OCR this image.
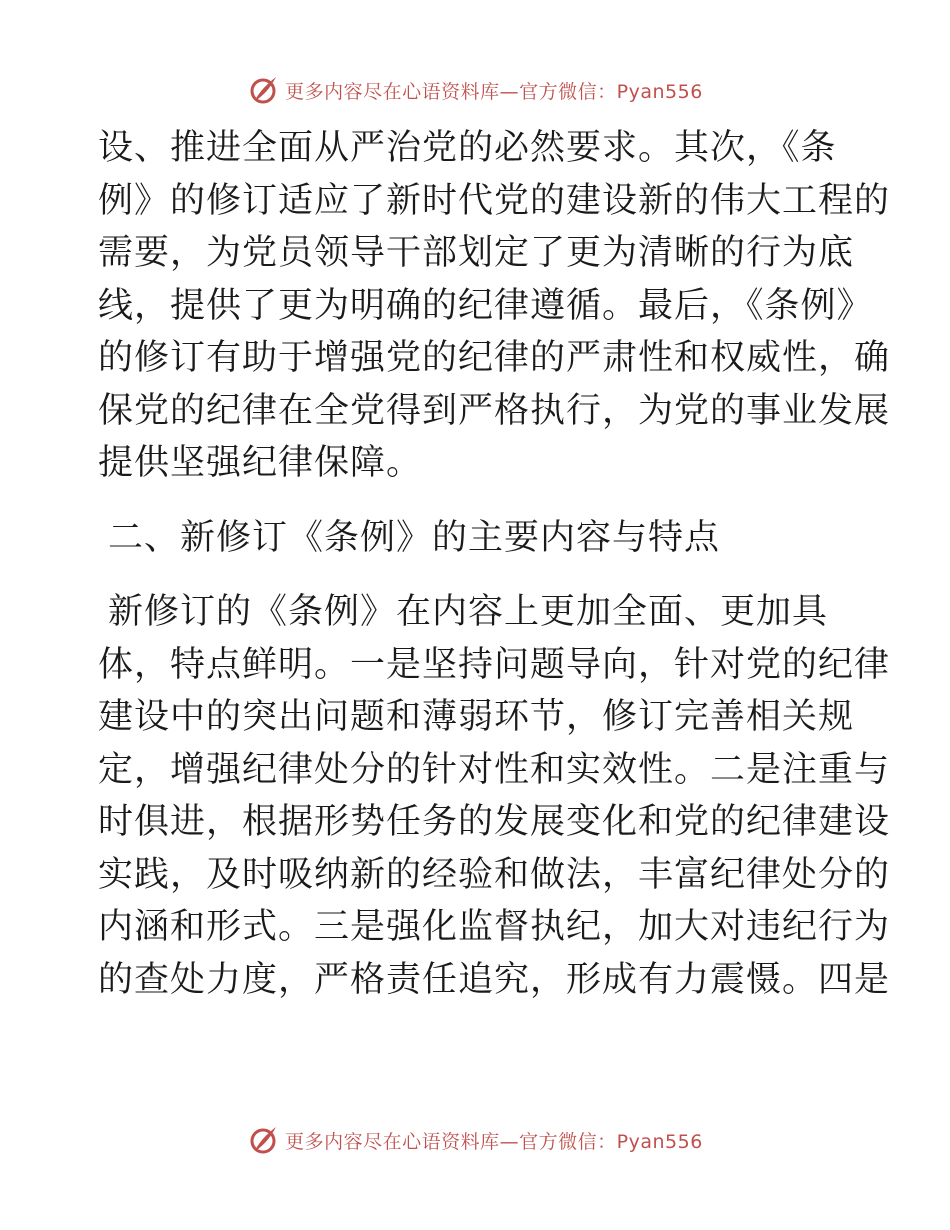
更多内容尽在心语资料库—官方微信：Pyan556
设、推进全面从严治党的必然要求。其次，《条
例》的修订适应了新时代党的建设新的伟大工程的
需要，为党员领导干部划定了更为清晰的行为底
线，提供了更为明确的纪律遵循。最后，《条例》
的修订有助于增强党的纪律的严肃性和权威性，确
保党的纪律在全党得到严格执行，为党的事业发展
提供坚强纪律保障。
二、新修订《条例》的主要内容与特点
新修订的《条例》在内容上更加全面、更加具
体，特点鲜明。一是坚持问题导向，针对党的纪律
建设中的突出问题和薄弱环节，修订完善相关规
定，增强纪律处分的针对性和实效性。二是注重与
时俱进，根据形势任务的发展变化和党的纪律建设
实践，及时吸纳新的经验和做法，丰富纪律处分的
内涵和形式。三是强化监督执纪，加大对违纪行为
的查处力度，严格责任追究，形成有力震慑。四是
更多内容尽在心语资料库—官方微信：Pyan556
